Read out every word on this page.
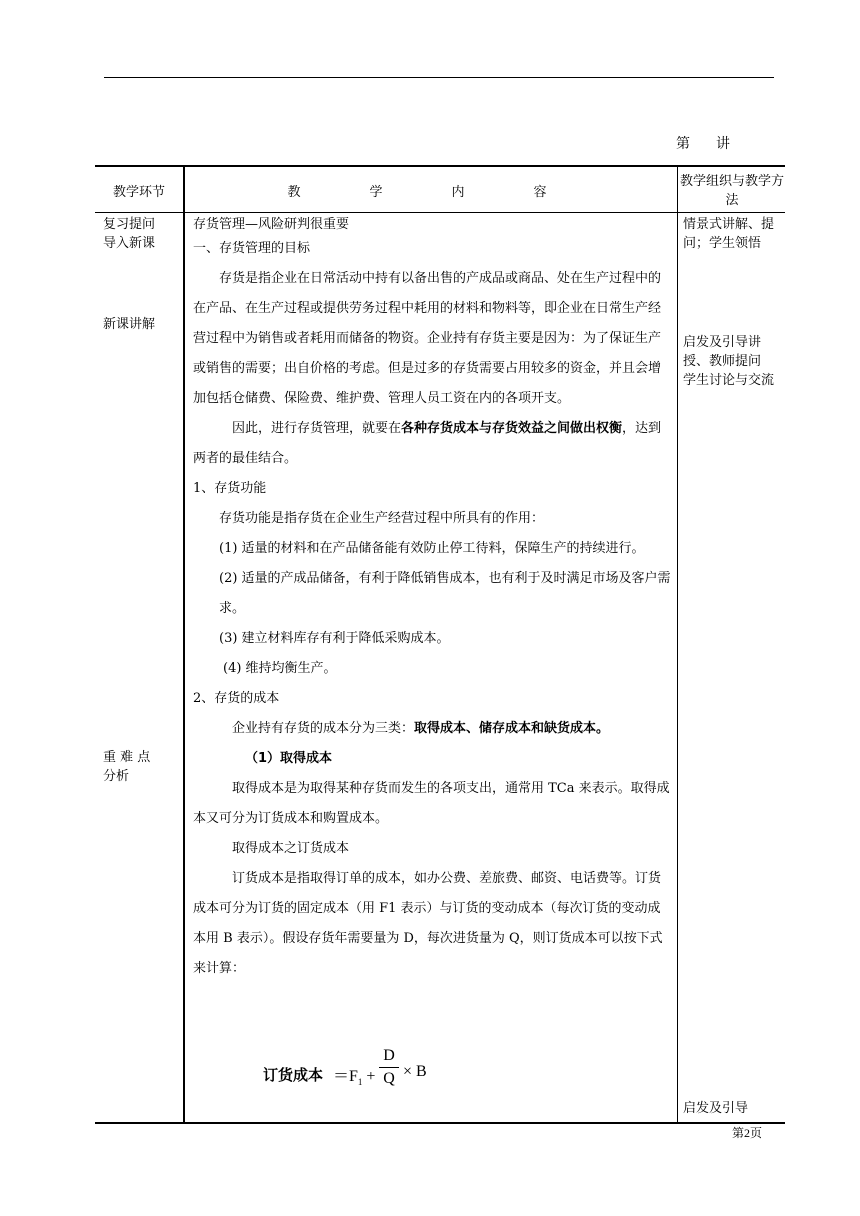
第 讲
教学环节	教　学　内　容
教学组织与教学方法
复习提问
导入新课
新课讲解
重 难 点 分析
情景式讲解、提问；学生领悟
启发及引导讲授、教师提问
学生讨论与交流
启发及引导

存货管理—风险研判很重要

一、存货管理的目标

存货是指企业在日常活动中持有以备出售的产成品或商品、处在生产过程中的在产品、在生产过程或提供劳务过程中耗用的材料和物料等，即企业在日常生产经营过程中为销售或者耗用而储备的物资。企业持有存货主要是因为：为了保证生产或销售的需要；出自价格的考虑。但是过多的存货需要占用较多的资金，并且会增加包括仓储费、保险费、维护费、管理人员工资在内的各项开支。

因此，进行存货管理，就要在各种存货成本与存货效益之间做出权衡，达到两者的最佳结合。

1、存货功能

存货功能是指存货在企业生产经营过程中所具有的作用：

(1) 适量的材料和在产品储备能有效防止停工待料，保障生产的持续进行。

(2) 适量的产成品储备，有利于降低销售成本，也有利于及时满足市场及客户需求。

(3) 建立材料库存有利于降低采购成本。

(4) 维持均衡生产。

2、存货的成本

企业持有存货的成本分为三类：取得成本、储存成本和缺货成本。

（1）取得成本

取得成本是为取得某种存货而发生的各项支出，通常用 TCa 来表示。取得成本又可分为订货成本和购置成本。

取得成本之订货成本

订货成本是指取得订单的成本，如办公费、差旅费、邮资、电话费等。订货成本可分为订货的固定成本（用 F1 表示）与订货的变动成本（每次订货的变动成本用 B 表示）。假设存货年需要量为 D，每次进货量为 Q，则订货成本可以按下式来计算：

订货成本 $=F_1$ +
D
Q × B
第2页
